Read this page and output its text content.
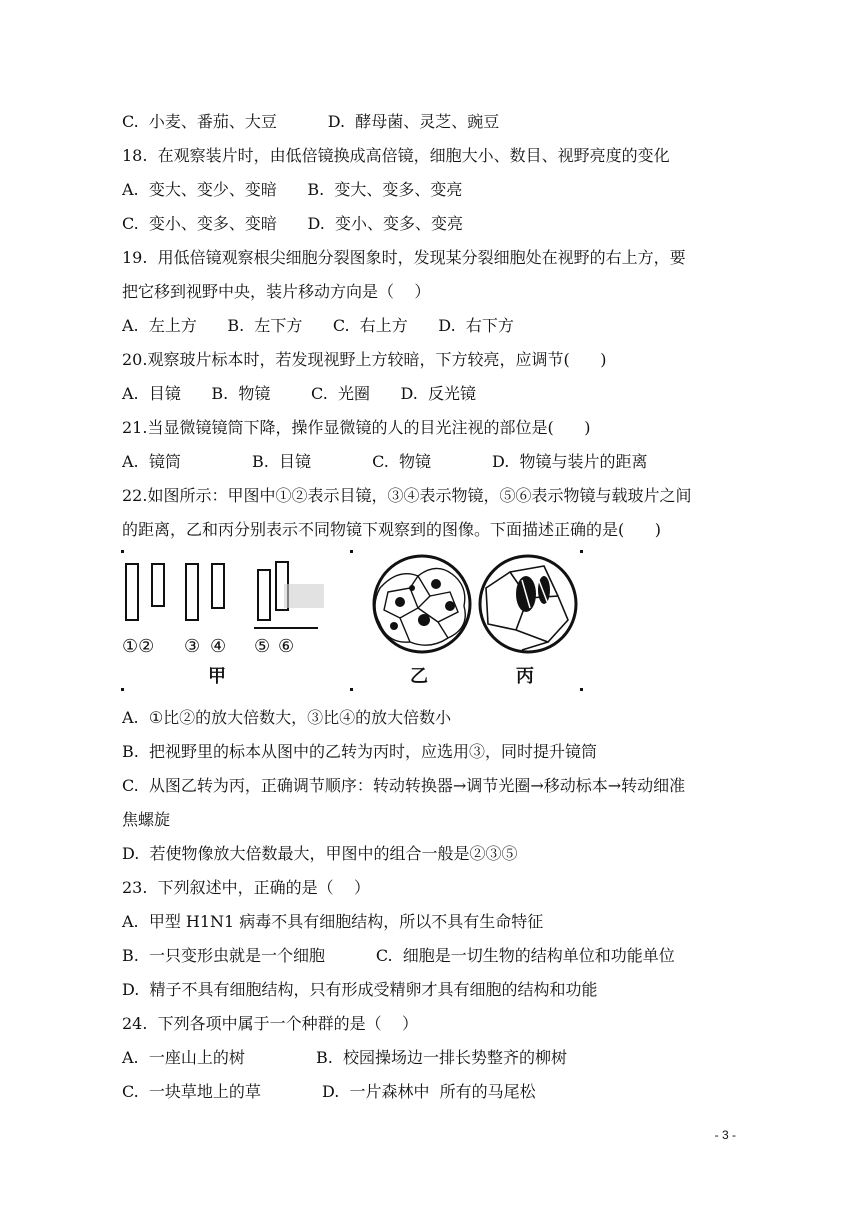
C.  小麦、番茄、大豆          D.  酵母菌、灵芝、豌豆
18.  在观察装片时，由低倍镜换成高倍镜，细胞大小、数目、视野亮度的变化
A.  变大、变少、变暗      B.  变大、变多、变亮
C.  变小、变多、变暗      D.  变小、变多、变亮
19.  用低倍镜观察根尖细胞分裂图象时，发现某分裂细胞处在视野的右上方，要
把它移到视野中央，装片移动方向是（    ）
A.  左上方      B.  左下方      C.  右上方      D.  右下方
20.观察玻片标本时，若发现视野上方较暗，下方较亮，应调节(      )
A.  目镜      B.  物镜        C.  光圈      D.  反光镜
21.当显微镜镜筒下降，操作显微镜的人的目光注视的部位是(      )
A.  镜筒              B.  目镜            C.  物镜            D.  物镜与装片的距离
22.如图所示：甲图中①②表示目镜，③④表示物镜，⑤⑥表示物镜与载玻片之间
的距离，乙和丙分别表示不同物镜下观察到的图像。下面描述正确的是(      )
①② ③ ④ ⑤ ⑥
甲	乙	丙
A.  ①比②的放大倍数大，③比④的放大倍数小
B.  把视野里的标本从图中的乙转为丙时，应选用③，同时提升镜筒
C.  从图乙转为丙，正确调节顺序：转动转换器→调节光圈→移动标本→转动细准
焦螺旋
D.  若使物像放大倍数最大，甲图中的组合一般是②③⑤
23.  下列叙述中，正确的是（    ）
A.  甲型 H1N1 病毒不具有细胞结构，所以不具有生命特征
B.  一只变形虫就是一个细胞          C.  细胞是一切生物的结构单位和功能单位
D.  精子不具有细胞结构，只有形成受精卵才具有细胞的结构和功能
24.  下列各项中属于一个种群的是（    ）
A.  一座山上的树              B.  校园操场边一排长势整齐的柳树
C.  一块草地上的草            D.  一片森林中  所有的马尾松
- 3 -
